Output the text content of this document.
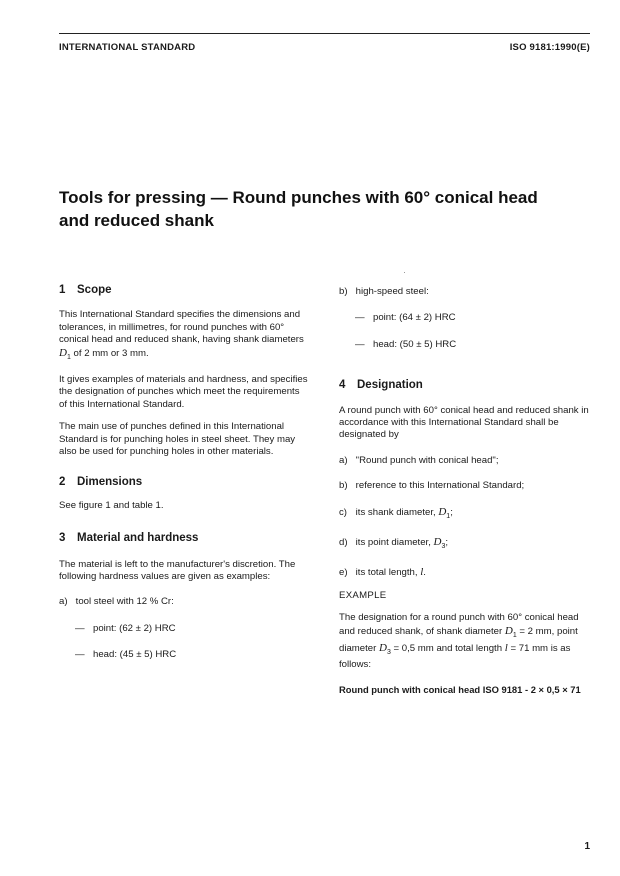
INTERNATIONAL STANDARD	ISO 9181:1990(E)
Tools for pressing — Round punches with 60° conical head
and reduced shank
1 Scope

This International Standard specifies the dimensions and tolerances, in millimetres, for round punches with 60° conical head and reduced shank, having shank diameters $D_1$ of 2 mm or 3 mm.

It gives examples of materials and hardness, and specifies the designation of punches which meet the requirements of this International Standard.

The main use of punches defined in this International Standard is for punching holes in steel sheet. They may also be used for punching holes in other materials.

2 Dimensions

See figure 1 and table 1.

3 Material and hardness

The material is left to the manufacturer's discretion. The following hardness values are given as examples:

a) tool steel with 12 % Cr:

— point: (62 ± 2) HRC

— head: (45 ± 5) HRC

b) high-speed steel:

— point: (64 ± 2) HRC

— head: (50 ± 5) HRC

4 Designation

A round punch with 60° conical head and reduced shank in accordance with this International Standard shall be designated by

a) "Round punch with conical head";

b) reference to this International Standard;

c) its shank diameter, $D_1$;

d) its point diameter, $D_3$;

e) its total length, l.

EXAMPLE

The designation for a round punch with 60° conical head and reduced shank, of shank diameter $D_1 = 2$ mm, point diameter $D_3 = 0,5$ mm and total length l = 71 mm is as follows:

Round punch with conical head ISO 9181 - 2 × 0,5 × 71

1
